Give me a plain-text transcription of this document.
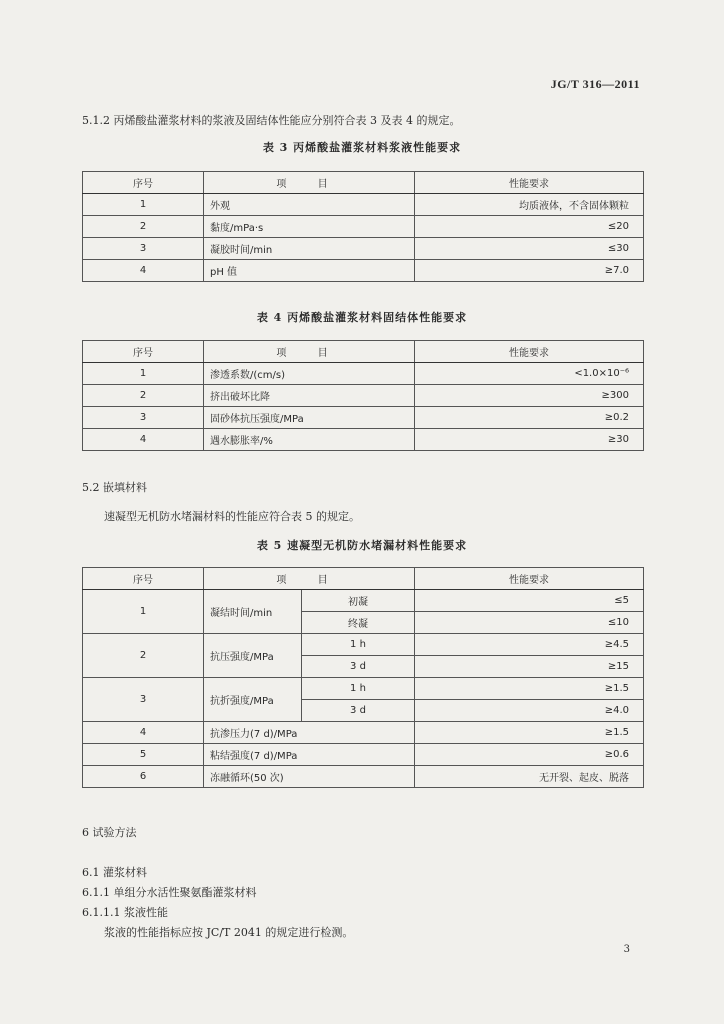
JG/T 316—2011
5.1.2 丙烯酸盐灌浆材料的浆液及固结体性能应分别符合表 3 及表 4 的规定。
表 3 丙烯酸盐灌浆材料浆液性能要求
序号	项 目	性能要求
1	外观	均质液体，不含固体颗粒
2	黏度/mPa·s	≤20
3	凝胶时间/min	≤30
4	pH 值	≥7.0
表 4 丙烯酸盐灌浆材料固结体性能要求
序号	项 目	性能要求
1	渗透系数/(cm/s)	<1.0×10⁻⁶
2	挤出破坏比降	≥300
3	固砂体抗压强度/MPa	≥0.2
4	遇水膨胀率/%	≥30
5.2 嵌填材料
速凝型无机防水堵漏材料的性能应符合表 5 的规定。
表 5 速凝型无机防水堵漏材料性能要求
序号	项 目		性能要求
1	凝结时间/min	初凝	≤5
		终凝	≤10
2	抗压强度/MPa	1 h	≥4.5
		3 d	≥15
3	抗折强度/MPa	1 h	≥1.5
		3 d	≥4.0
4	抗渗压力(7 d)/MPa		≥1.5
5	粘结强度(7 d)/MPa		≥0.6
6	冻融循环(50 次)		无开裂、起皮、脱落
6 试验方法
6.1 灌浆材料
6.1.1 单组分水活性聚氨酯灌浆材料
6.1.1.1 浆液性能
浆液的性能指标应按 JC/T 2041 的规定进行检测。
3
